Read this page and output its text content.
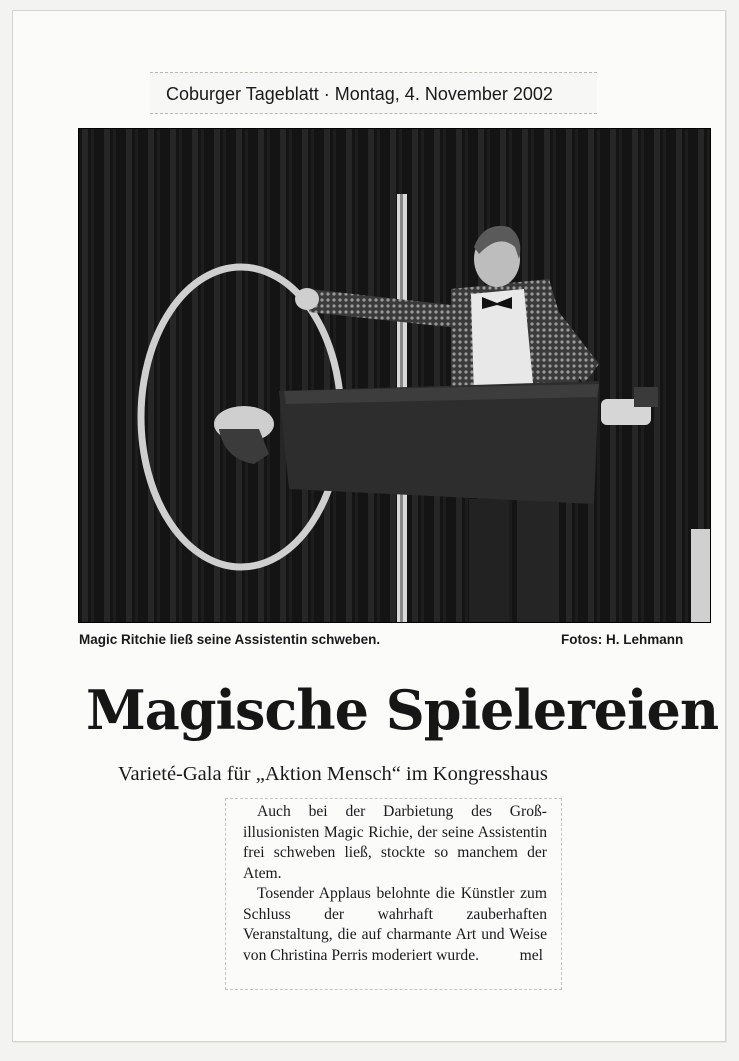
Coburger Tageblatt · Montag, 4. November 2002
Magic Ritchie ließ seine Assistentin schweben.	Fotos: H. Lehmann
Magische Spielereien
Varieté-Gala für „Aktion Mensch“ im Kongresshaus

Auch bei der Darbietung des Großillusionisten Magic Richie, der seine Assistentin frei schweben ließ, stockte so manchem der Atem.

Tosender Applaus belohnte die Künstler zum Schluss der wahrhaft zauberhaften Veranstaltung, die auf charmante Art und Weise von Christina Perris moderiert wurde.	mel
